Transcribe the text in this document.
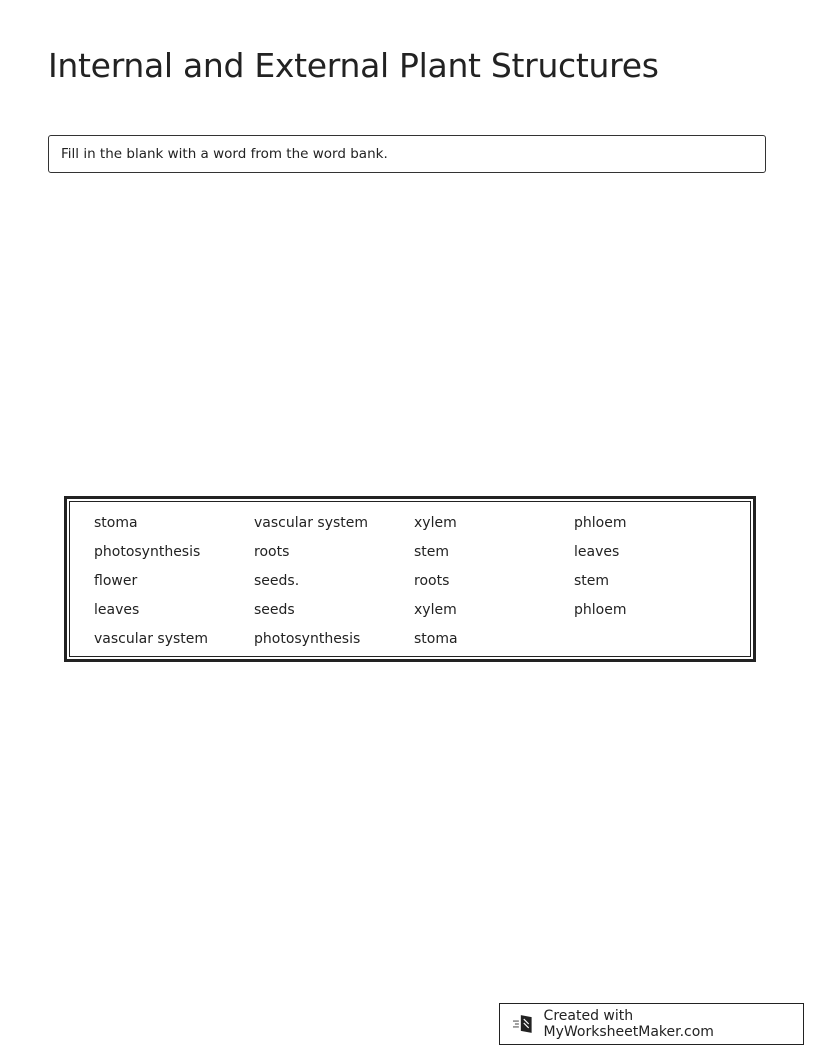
Internal and External Plant Structures
Fill in the blank with a word from the word bank.
stoma	vascular system	xylem	phloem
photosynthesis	roots	stem	leaves
flower	seeds.	roots	stem
leaves	seeds	xylem	phloem
vascular system	photosynthesis	stoma
Created with MyWorksheetMaker.com
